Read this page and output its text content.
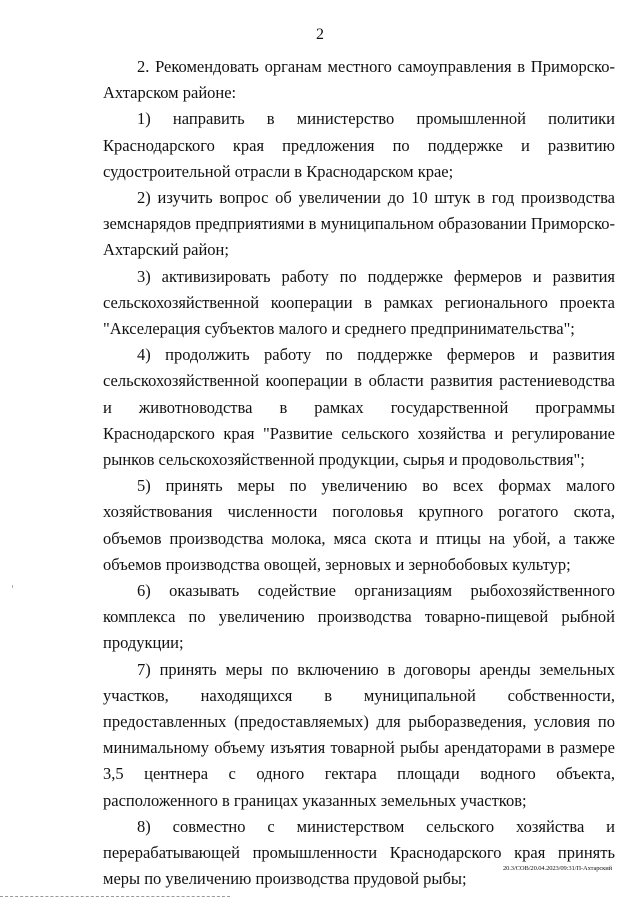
2

2. Рекомендовать органам местного самоуправления в Приморско-Ахтарском районе:

1) направить в министерство промышленной политики Краснодарского края предложения по поддержке и развитию судостроительной отрасли в Краснодарском крае;

2) изучить вопрос об увеличении до 10 штук в год производства земснарядов предприятиями в муниципальном образовании Приморско-Ахтарский район;

3) активизировать работу по поддержке фермеров и развития сельскохозяйственной кооперации в рамках регионального проекта "Акселерация субъектов малого и среднего предпринимательства";

4) продолжить работу по поддержке фермеров и развития сельскохозяйственной кооперации в области развития растениеводства и животноводства в рамках государственной программы Краснодарского края "Развитие сельского хозяйства и регулирование рынков сельскохозяйственной продукции, сырья и продовольствия";

5) принять меры по увеличению во всех формах малого хозяйствования численности поголовья крупного рогатого скота, объемов производства молока, мяса скота и птицы на убой, а также объемов производства овощей, зерновых и зернобобовых культур;

6) оказывать содействие организациям рыбохозяйственного комплекса по увеличению производства товарно-пищевой рыбной продукции;

7) принять меры по включению в договоры аренды земельных участков, находящихся в муниципальной собственности, предоставленных (предоставляемых) для рыборазведения, условия по минимальному объему изъятия товарной рыбы арендаторами в размере 3,5 центнера с одного гектара площади водного объекта, расположенного в границах указанных земельных участков;

8) совместно с министерством сельского хозяйства и перерабатывающей промышленности Краснодарского края принять меры по увеличению производства прудовой рыбы;

20.3/СОВ/20.04.2023/09:31/П-Ахтарский
